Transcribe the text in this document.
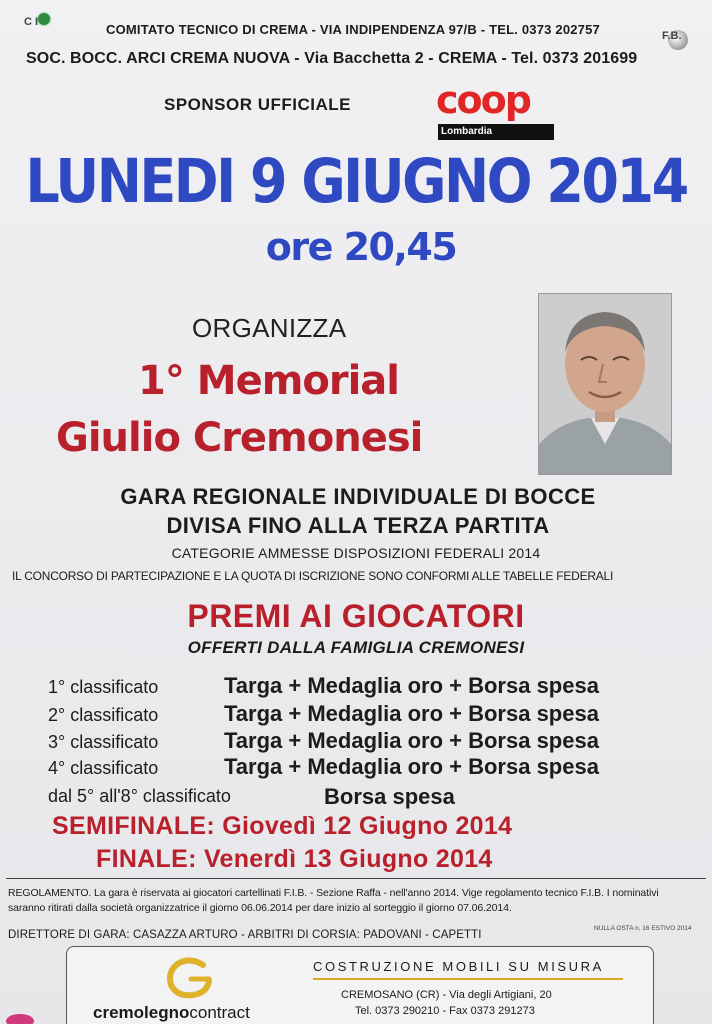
C I
F.B.
COMITATO TECNICO DI CREMA - VIA INDIPENDENZA 97/B - TEL. 0373 202757
SOC. BOCC. ARCI CREMA NUOVA - Via Bacchetta 2 - CREMA - Tel. 0373 201699
SPONSOR UFFICIALE coop
Lombardia
LUNEDI 9 GIUGNO 2014
ore 20,45
ORGANIZZA
1° Memorial
Giulio Cremonesi
GARA REGIONALE INDIVIDUALE DI BOCCE
DIVISA FINO ALLA TERZA PARTITA
CATEGORIE AMMESSE DISPOSIZIONI FEDERALI 2014
IL CONCORSO DI PARTECIPAZIONE E LA QUOTA DI ISCRIZIONE SONO CONFORMI ALLE TABELLE FEDERALI
PREMI AI GIOCATORI
OFFERTI DALLA FAMIGLIA CREMONESI
1° classificato	Targa + Medaglia oro + Borsa spesa
2° classificato	Targa + Medaglia oro + Borsa spesa
3° classificato	Targa + Medaglia oro + Borsa spesa
4° classificato	Targa + Medaglia oro + Borsa spesa
dal 5° all'8° classificato	Borsa spesa
SEMIFINALE: Giovedì 12 Giugno 2014
FINALE: Venerdì 13 Giugno 2014
REGOLAMENTO. La gara è riservata ai giocatori cartellinati F.I.B. - Sezione Raffa - nell'anno 2014. Vige regolamento tecnico F.I.B. I nominativi
saranno ritirati dalla società organizzatrice il giorno 06.06.2014 per dare inizio al sorteggio il giorno 07.06.2014.
NULLA OSTA n. 16 ESTIVO 2014
DIRETTORE DI GARA: CASAZZA ARTURO - ARBITRI DI CORSIA: PADOVANI - CAPETTI
cremolegnocontract
COSTRUZIONE MOBILI SU MISURA
CREMOSANO (CR) - Via degli Artigiani, 20
Tel. 0373 290210 - Fax 0373 291273
